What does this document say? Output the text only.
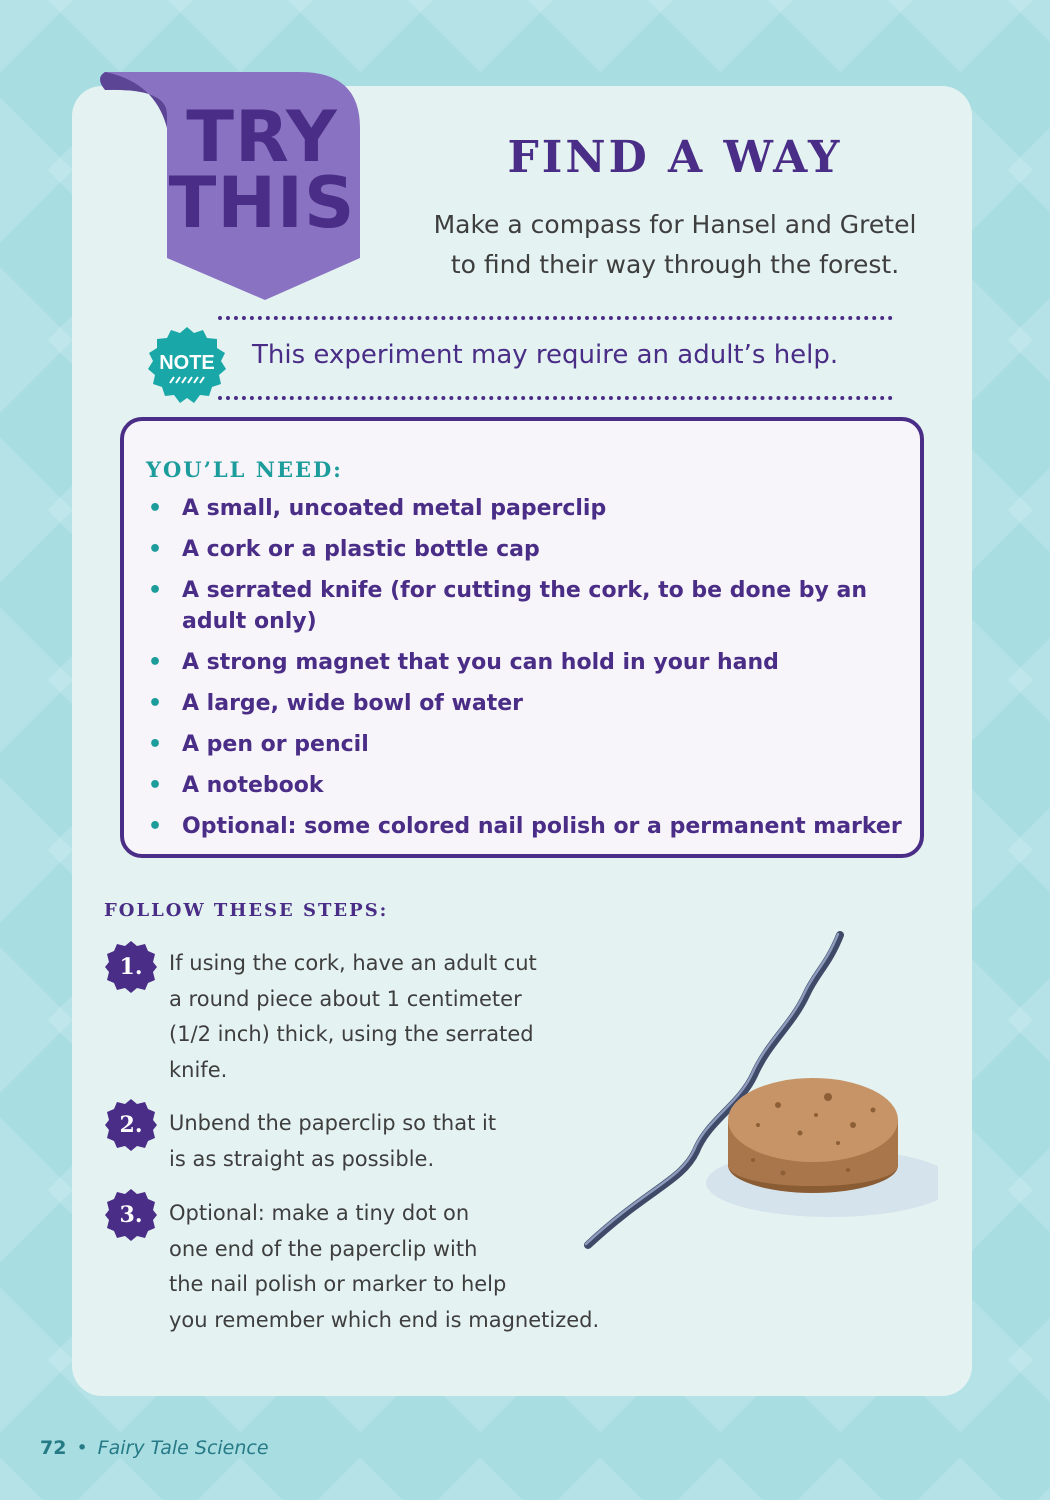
TRY
THIS
FIND A WAY
Make a compass for Hansel and Gretel
to find their way through the forest.
NOTE This experiment may require an adult’s help.
YOU’LL NEED:
• A small, uncoated metal paperclip
• A cork or a plastic bottle cap
• A serrated knife (for cutting the cork, to be done by an adult only)
• A strong magnet that you can hold in your hand
• A large, wide bowl of water
• A pen or pencil
• A notebook
• Optional: some colored nail polish or a permanent marker
FOLLOW THESE STEPS:
1.	If using the cork, have an adult cut
a round piece about 1 centimeter
(1/2 inch) thick, using the serrated
knife.
2.	Unbend the paperclip so that it
is as straight as possible.
3.	Optional: make a tiny dot on
one end of the paperclip with
the nail polish or marker to help
you remember which end is magnetized.
72 • Fairy Tale Science
